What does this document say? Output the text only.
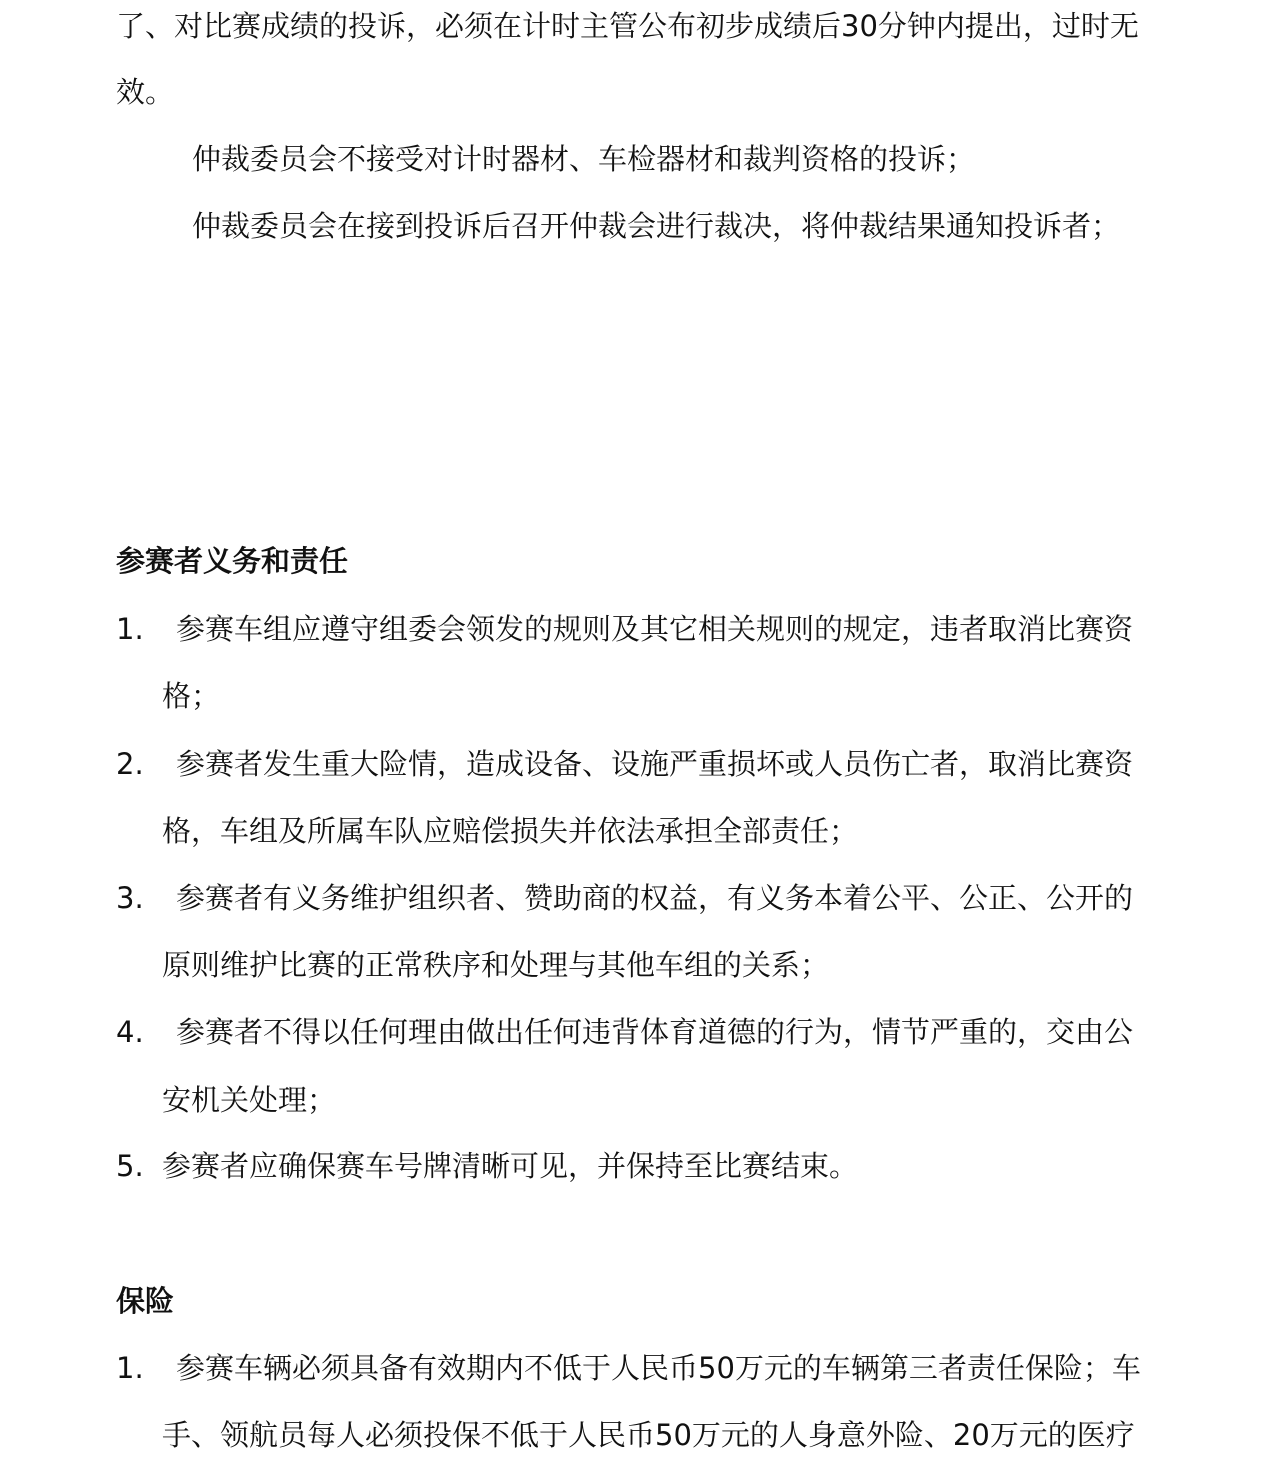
了、对比赛成绩的投诉，必须在计时主管公布初步成绩后30分钟内提出，过时无
效。
仲裁委员会不接受对计时器材、车检器材和裁判资格的投诉；
仲裁委员会在接到投诉后召开仲裁会进行裁决，将仲裁结果通知投诉者；
参赛者义务和责任
1. 参赛车组应遵守组委会领发的规则及其它相关规则的规定，违者取消比赛资
格；
2. 参赛者发生重大险情，造成设备、设施严重损坏或人员伤亡者，取消比赛资
格，车组及所属车队应赔偿损失并依法承担全部责任；
3. 参赛者有义务维护组织者、赞助商的权益，有义务本着公平、公正、公开的
原则维护比赛的正常秩序和处理与其他车组的关系；
4. 参赛者不得以任何理由做出任何违背体育道德的行为，情节严重的，交由公
安机关处理；
5. 参赛者应确保赛车号牌清晰可见，并保持至比赛结束。
保险
1. 参赛车辆必须具备有效期内不低于人民币50万元的车辆第三者责任保险；车
手、领航员每人必须投保不低于人民币50万元的人身意外险、20万元的医疗
